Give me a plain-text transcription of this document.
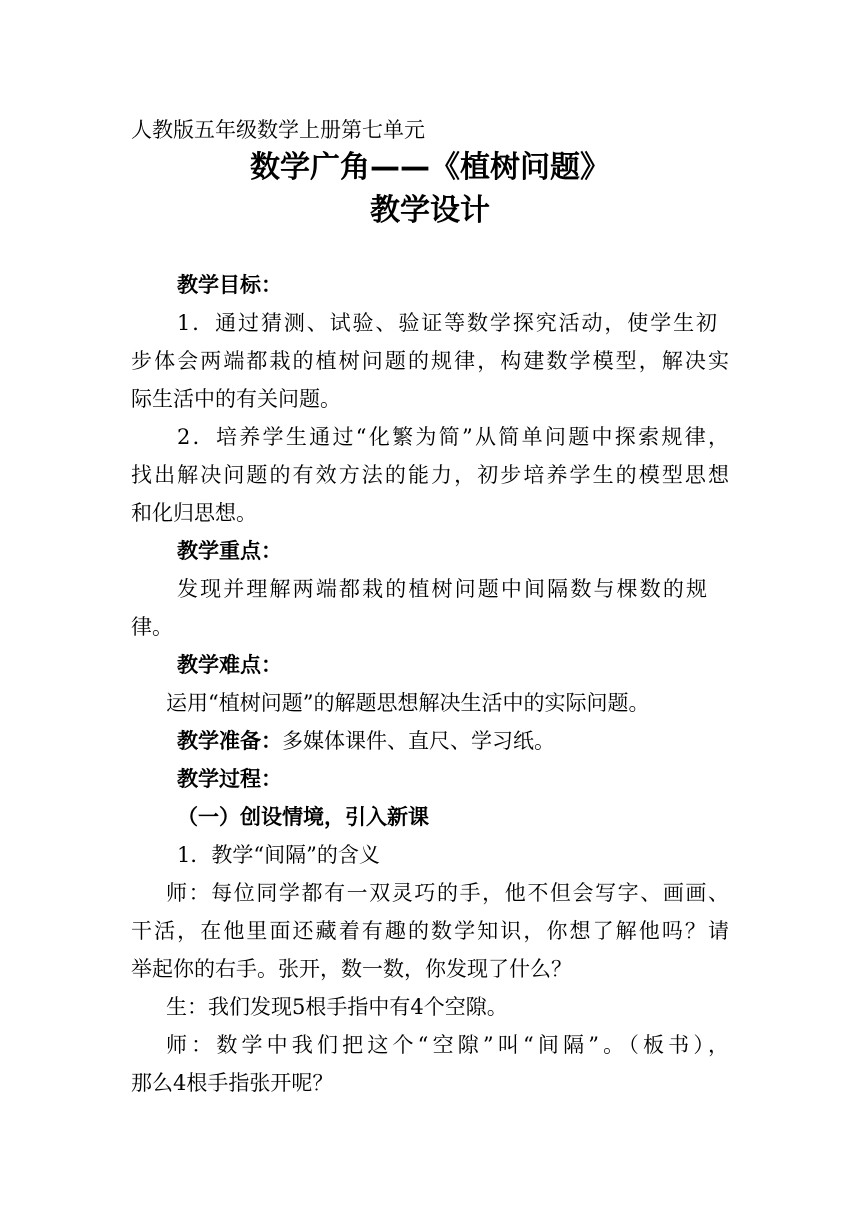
人教版五年级数学上册第七单元
数学广角——《植树问题》
教学设计
教学目标：
1．通过猜测、试验、验证等数学探究活动，使学生初
步体会两端都栽的植树问题的规律，构建数学模型，解决实
际生活中的有关问题。
2．培养学生通过“化繁为简”从简单问题中探索规律，
找出解决问题的有效方法的能力，初步培养学生的模型思想
和化归思想。
教学重点：
发现并理解两端都栽的植树问题中间隔数与棵数的规
律。
教学难点：
运用“植树问题”的解题思想解决生活中的实际问题。
教学准备：多媒体课件、直尺、学习纸。
教学过程：
（一）创设情境，引入新课
1．教学“间隔”的含义
师：每位同学都有一双灵巧的手，他不但会写字、画画、
干活，在他里面还藏着有趣的数学知识，你想了解他吗？请
举起你的右手。张开，数一数，你发现了什么？
生：我们发现5根手指中有4个空隙。
师：数学中我们把这个“空隙”叫“间隔”。（板书），
那么4根手指张开呢？
